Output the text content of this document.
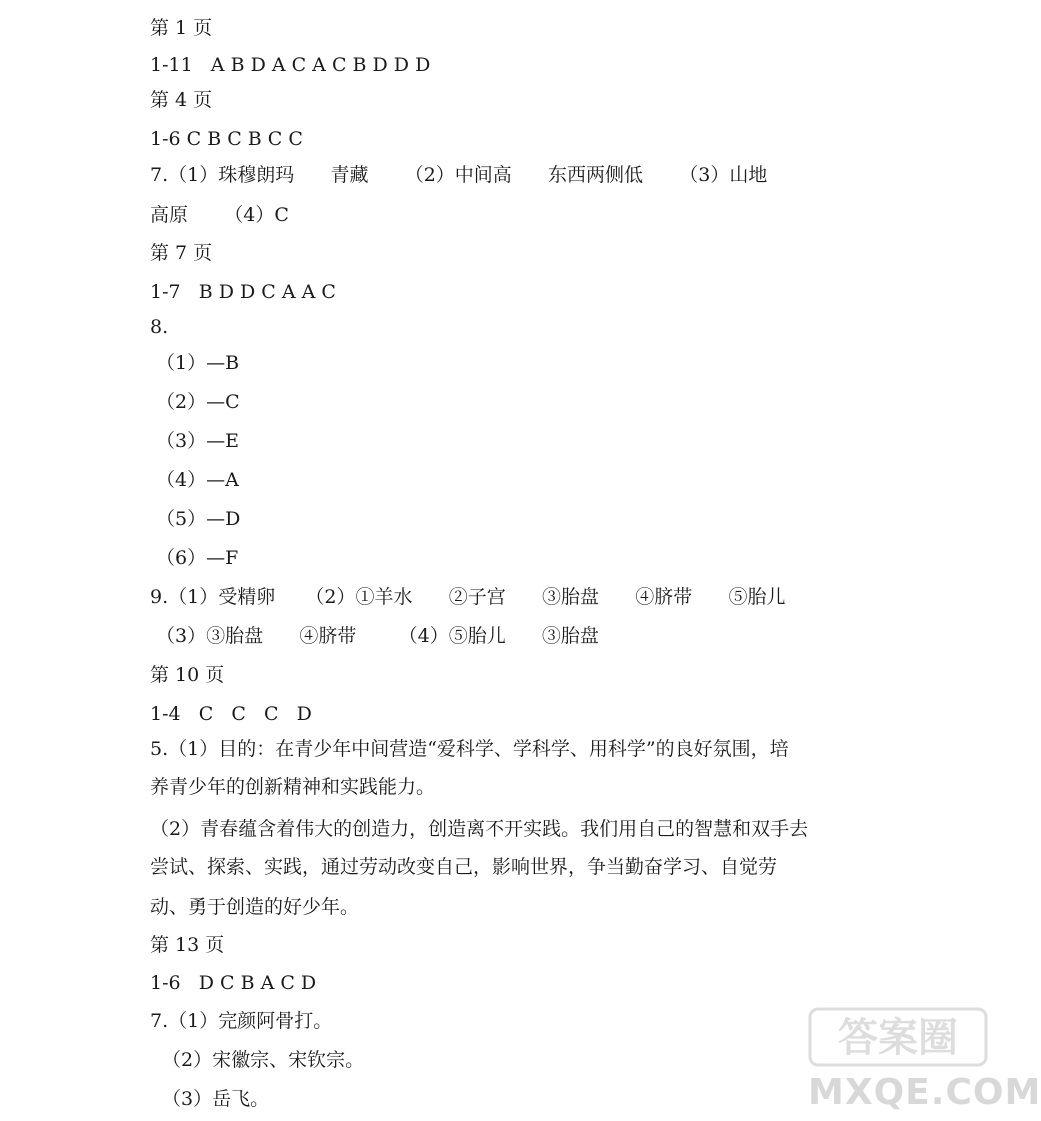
第 1 页
1-11   A B D A C A C B D D D
第 4 页
1-6 C B C B C C
7.（1）珠穆朗玛      青藏      （2）中间高      东西两侧低      （3）山地
高原      （4）C
第 7 页
1-7   B D D C A A C
8.
（1）—B
（2）—C
（3）—E
（4）—A
（5）—D
（6）—F
9.（1）受精卵     （2）①羊水      ②子宫      ③胎盘      ④脐带      ⑤胎儿
（3）③胎盘      ④脐带       （4）⑤胎儿      ③胎盘
第 10 页
1-4   C   C   C   D
5.（1）目的：在青少年中间营造“爱科学、学科学、用科学”的良好氛围，培
养青少年的创新精神和实践能力。
（2）青春蕴含着伟大的创造力，创造离不开实践。我们用自己的智慧和双手去
尝试、探索、实践，通过劳动改变自己，影响世界，争当勤奋学习、自觉劳
动、勇于创造的好少年。
第 13 页
1-6   D C B A C D
7.（1）完颜阿骨打。
（2）宋徽宗、宋钦宗。
（3）岳飞。
答案圈
MXQE.COM
